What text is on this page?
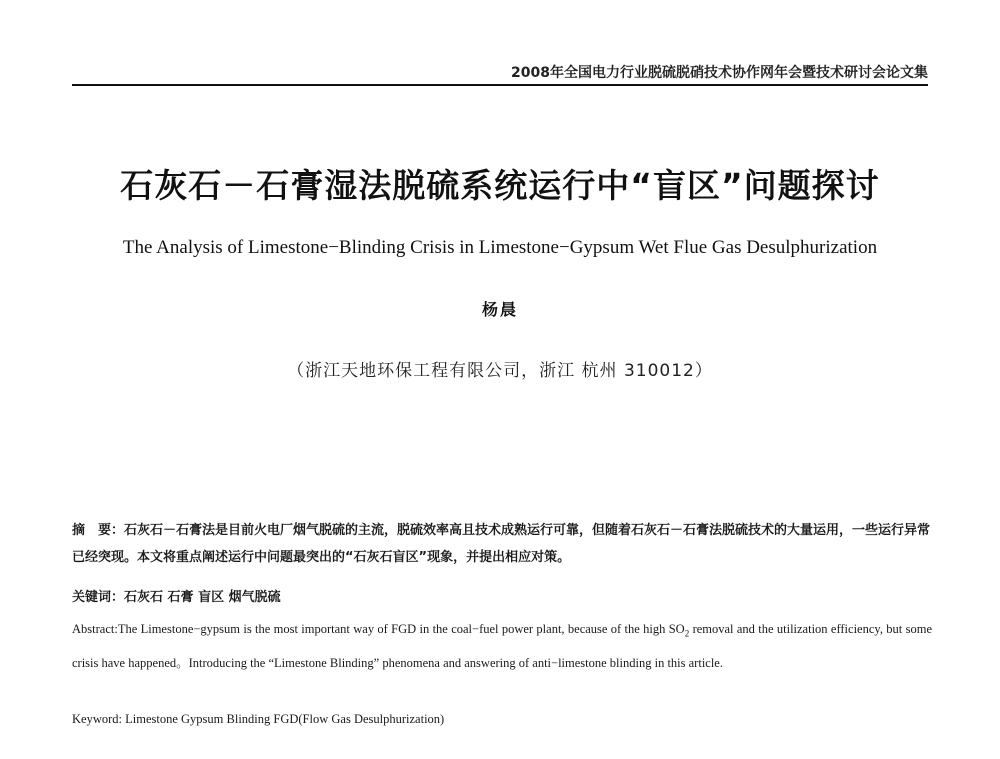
2008年全国电力行业脱硫脱硝技术协作网年会暨技术研讨会论文集
石灰石－石膏湿法脱硫系统运行中“盲区”问题探讨
The Analysis of Limestone−Blinding Crisis in Limestone−Gypsum Wet Flue Gas Desulphurization
杨晨
（浙江天地环保工程有限公司，浙江 杭州 310012）
摘　要：石灰石－石膏法是目前火电厂烟气脱硫的主流，脱硫效率高且技术成熟运行可靠，但随着石灰石－石膏法脱硫技术的大量运用，一些运行异常已经突现。本文将重点阐述运行中问题最突出的“石灰石盲区”现象，并提出相应对策。
关键词：石灰石 石膏 盲区 烟气脱硫
Abstract:The Limestone−gypsum is the most important way of FGD in the coal−fuel power plant, because of the high $SO_2$ removal and the utilization efficiency, but some crisis have happened。Introducing the “Limestone Blinding” phenomena and answering of anti−limestone blinding in this article.
Keyword: Limestone Gypsum Blinding FGD(Flow Gas Desulphurization)
